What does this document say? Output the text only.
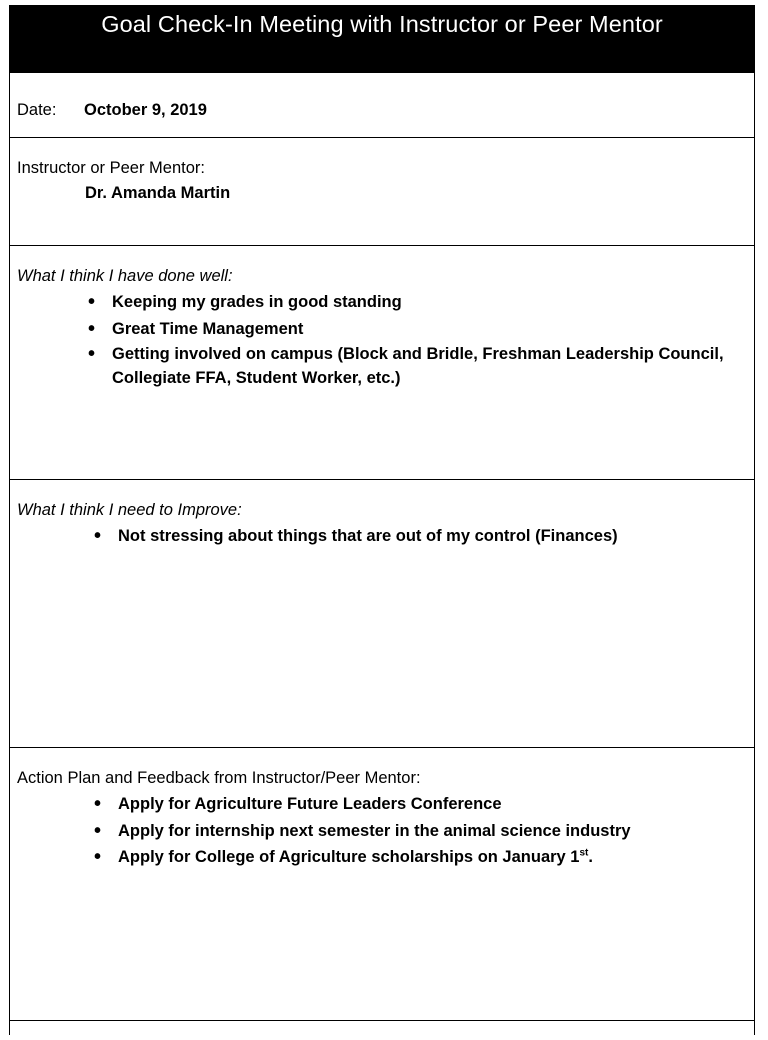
Goal Check-In Meeting with Instructor or Peer Mentor
Date: October 9, 2019
Instructor or Peer Mentor:
Dr. Amanda Martin
What I think I have done well:
• Keeping my grades in good standing
• Great Time Management
• Getting involved on campus (Block and Bridle, Freshman Leadership Council, Collegiate FFA, Student Worker, etc.)
What I think I need to Improve:
• Not stressing about things that are out of my control (Finances)
Action Plan and Feedback from Instructor/Peer Mentor:
• Apply for Agriculture Future Leaders Conference
• Apply for internship next semester in the animal science industry
• Apply for College of Agriculture scholarships on January 1st.
